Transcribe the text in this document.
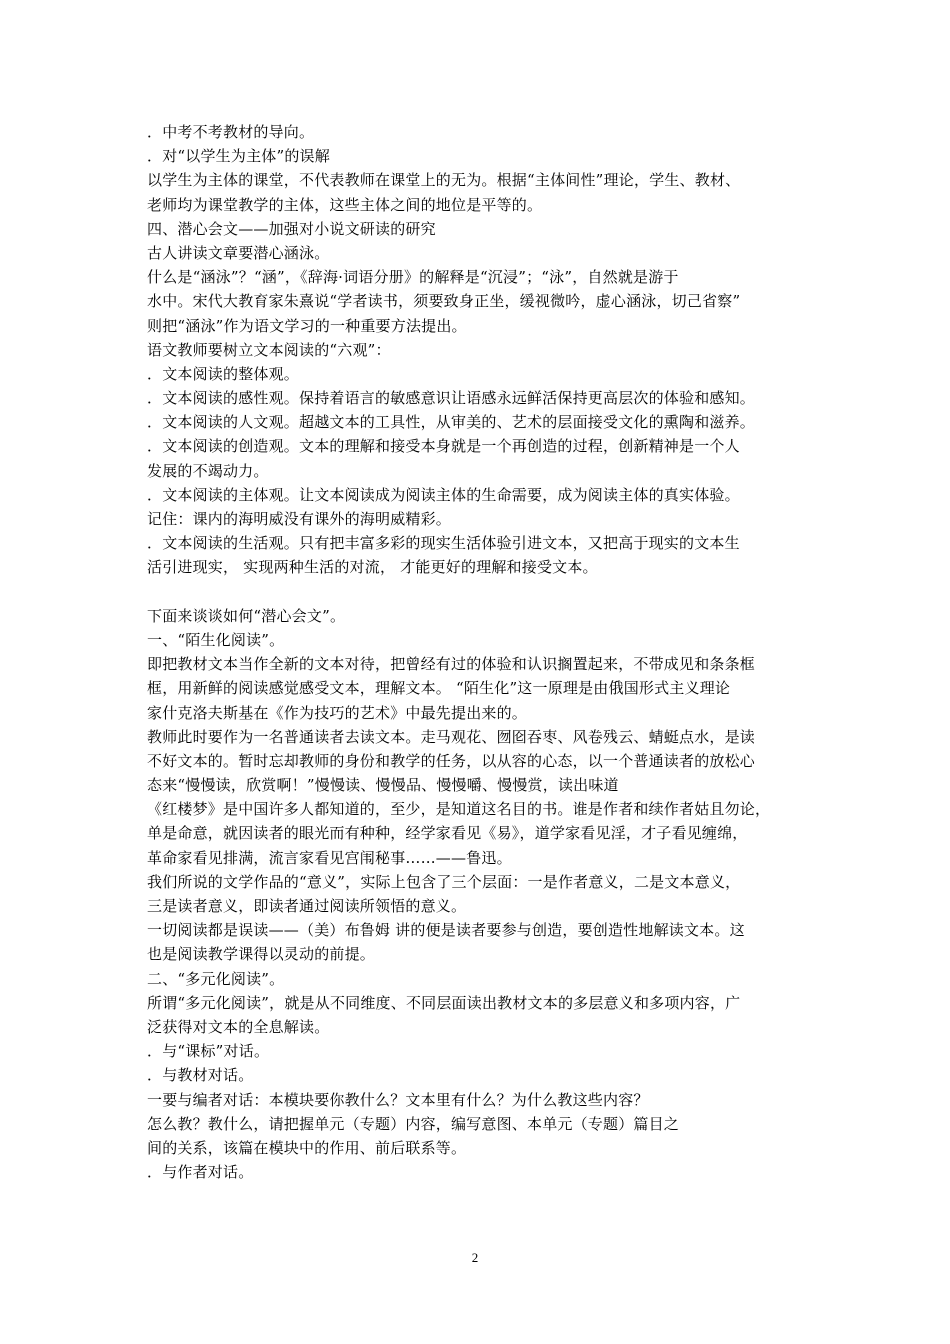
．中考不考教材的导向。
．对“以学生为主体”的误解
以学生为主体的课堂，不代表教师在课堂上的无为。根据“主体间性”理论，学生、教材、
老师均为课堂教学的主体，这些主体之间的地位是平等的。
四、潜心会文——加强对小说文研读的研究
古人讲读文章要潜心涵泳。
什么是“涵泳”？“涵”，《辞海·词语分册》的解释是“沉浸”；“泳”，自然就是游于
水中。宋代大教育家朱熹说“学者读书，须要致身正坐，缓视微吟，虚心涵泳，切己省察”
则把“涵泳”作为语文学习的一种重要方法提出。
语文教师要树立文本阅读的“六观”：
．文本阅读的整体观。
．文本阅读的感性观。保持着语言的敏感意识让语感永远鲜活保持更高层次的体验和感知。
．文本阅读的人文观。超越文本的工具性，从审美的、艺术的层面接受文化的熏陶和滋养。
．文本阅读的创造观。文本的理解和接受本身就是一个再创造的过程，创新精神是一个人
发展的不竭动力。
．文本阅读的主体观。让文本阅读成为阅读主体的生命需要，成为阅读主体的真实体验。
记住：课内的海明威没有课外的海明威精彩。
．文本阅读的生活观。只有把丰富多彩的现实生活体验引进文本，又把高于现实的文本生
活引进现实， 实现两种生活的对流， 才能更好的理解和接受文本。
下面来谈谈如何“潜心会文”。
一、“陌生化阅读”。
即把教材文本当作全新的文本对待，把曾经有过的体验和认识搁置起来，不带成见和条条框
框，用新鲜的阅读感觉感受文本，理解文本。 “陌生化”这一原理是由俄国形式主义理论
家什克洛夫斯基在《作为技巧的艺术》中最先提出来的。
教师此时要作为一名普通读者去读文本。走马观花、囫囵吞枣、风卷残云、蜻蜓点水，是读
不好文本的。暂时忘却教师的身份和教学的任务，以从容的心态，以一个普通读者的放松心
态来“慢慢读，欣赏啊！”慢慢读、慢慢品、慢慢嚼、慢慢赏，读出味道
《红楼梦》是中国许多人都知道的，至少，是知道这名目的书。谁是作者和续作者姑且勿论，
单是命意，就因读者的眼光而有种种，经学家看见《易》，道学家看见淫，才子看见缠绵，
革命家看见排满，流言家看见宫闱秘事……——鲁迅。
我们所说的文学作品的“意义”，实际上包含了三个层面：一是作者意义，二是文本意义，
三是读者意义，即读者通过阅读所领悟的意义。
一切阅读都是误读——（美）布鲁姆 讲的便是读者要参与创造，要创造性地解读文本。这
也是阅读教学课得以灵动的前提。
二、“多元化阅读”。
所谓“多元化阅读”，就是从不同维度、不同层面读出教材文本的多层意义和多项内容，广
泛获得对文本的全息解读。
．与“课标”对话。
．与教材对话。
一要与编者对话：本模块要你教什么？文本里有什么？为什么教这些内容？
怎么教？教什么，请把握单元（专题）内容，编写意图、本单元（专题）篇目之
间的关系，该篇在模块中的作用、前后联系等。
．与作者对话。
2
